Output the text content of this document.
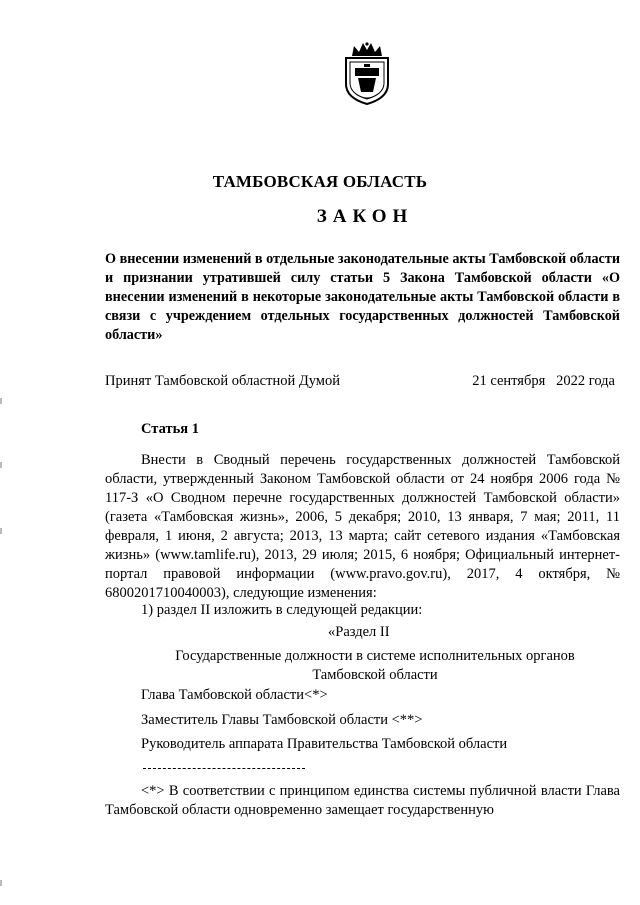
ТАМБОВСКАЯ ОБЛАСТЬ
ЗАКОН
О внесении изменений в отдельные законодательные акты Тамбовской области и признании утратившей силу статьи 5 Закона Тамбовской области «О внесении изменений в некоторые законодательные акты Тамбовской области в связи с учреждением отдельных государственных должностей Тамбовской области»
Принят Тамбовской областной Думой	21 сентября   2022 года
Статья 1
Внести в Сводный перечень государственных должностей Тамбовской области, утвержденный Законом Тамбовской области от 24 ноября 2006 года № 117-З «О Сводном перечне государственных должностей Тамбовской области» (газета «Тамбовская жизнь», 2006, 5 декабря; 2010, 13 января, 7 мая; 2011, 11 февраля, 1 июня, 2 августа; 2013, 13 марта; сайт сетевого издания «Тамбовская жизнь» (www.tamlife.ru), 2013, 29 июля; 2015, 6 ноября; Официальный интернет-портал правовой информации (www.pravo.gov.ru), 2017, 4 октября, № 6800201710040003), следующие изменения:
1) раздел II изложить в следующей редакции:
«Раздел II
Государственные должности в системе исполнительных органов Тамбовской области
Глава Тамбовской области<*>
Заместитель Главы Тамбовской области <**>
Руководитель аппарата Правительства Тамбовской области
<*> В соответствии с принципом единства системы публичной власти Глава Тамбовской области одновременно замещает государственную
